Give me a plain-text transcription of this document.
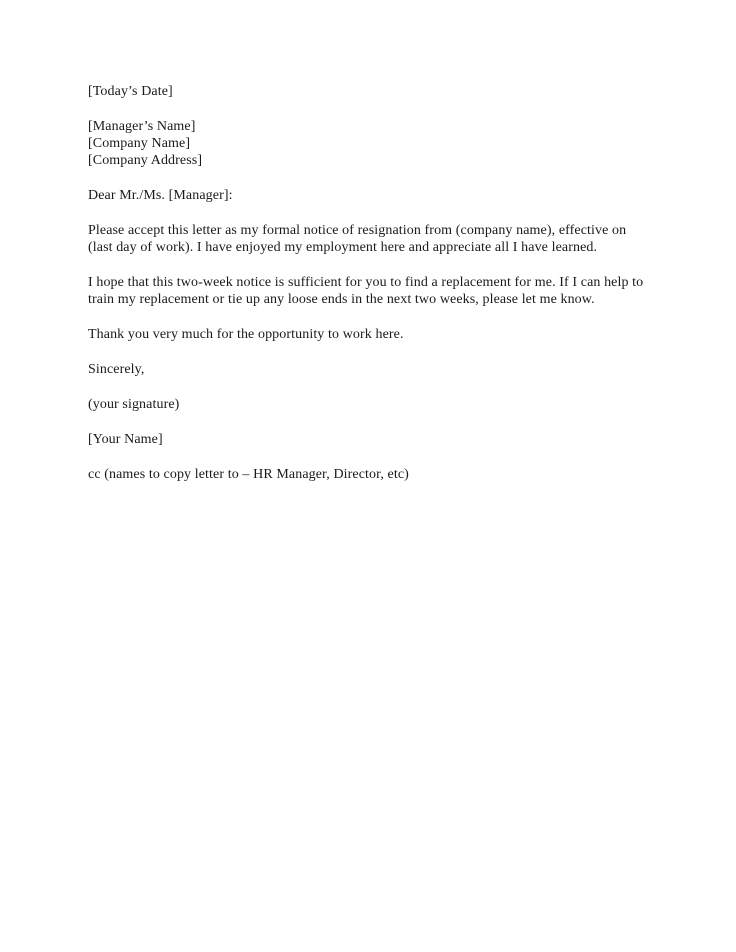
[Today’s Date]
[Manager’s Name]
[Company Name]
[Company Address]
Dear Mr./Ms. [Manager]:
Please accept this letter as my formal notice of resignation from (company name), effective on
(last day of work). I have enjoyed my employment here and appreciate all I have learned.
I hope that this two-week notice is sufficient for you to find a replacement for me. If I can help to
train my replacement or tie up any loose ends in the next two weeks, please let me know.
Thank you very much for the opportunity to work here.
Sincerely,
(your signature)
[Your Name]
cc (names to copy letter to – HR Manager, Director, etc)
